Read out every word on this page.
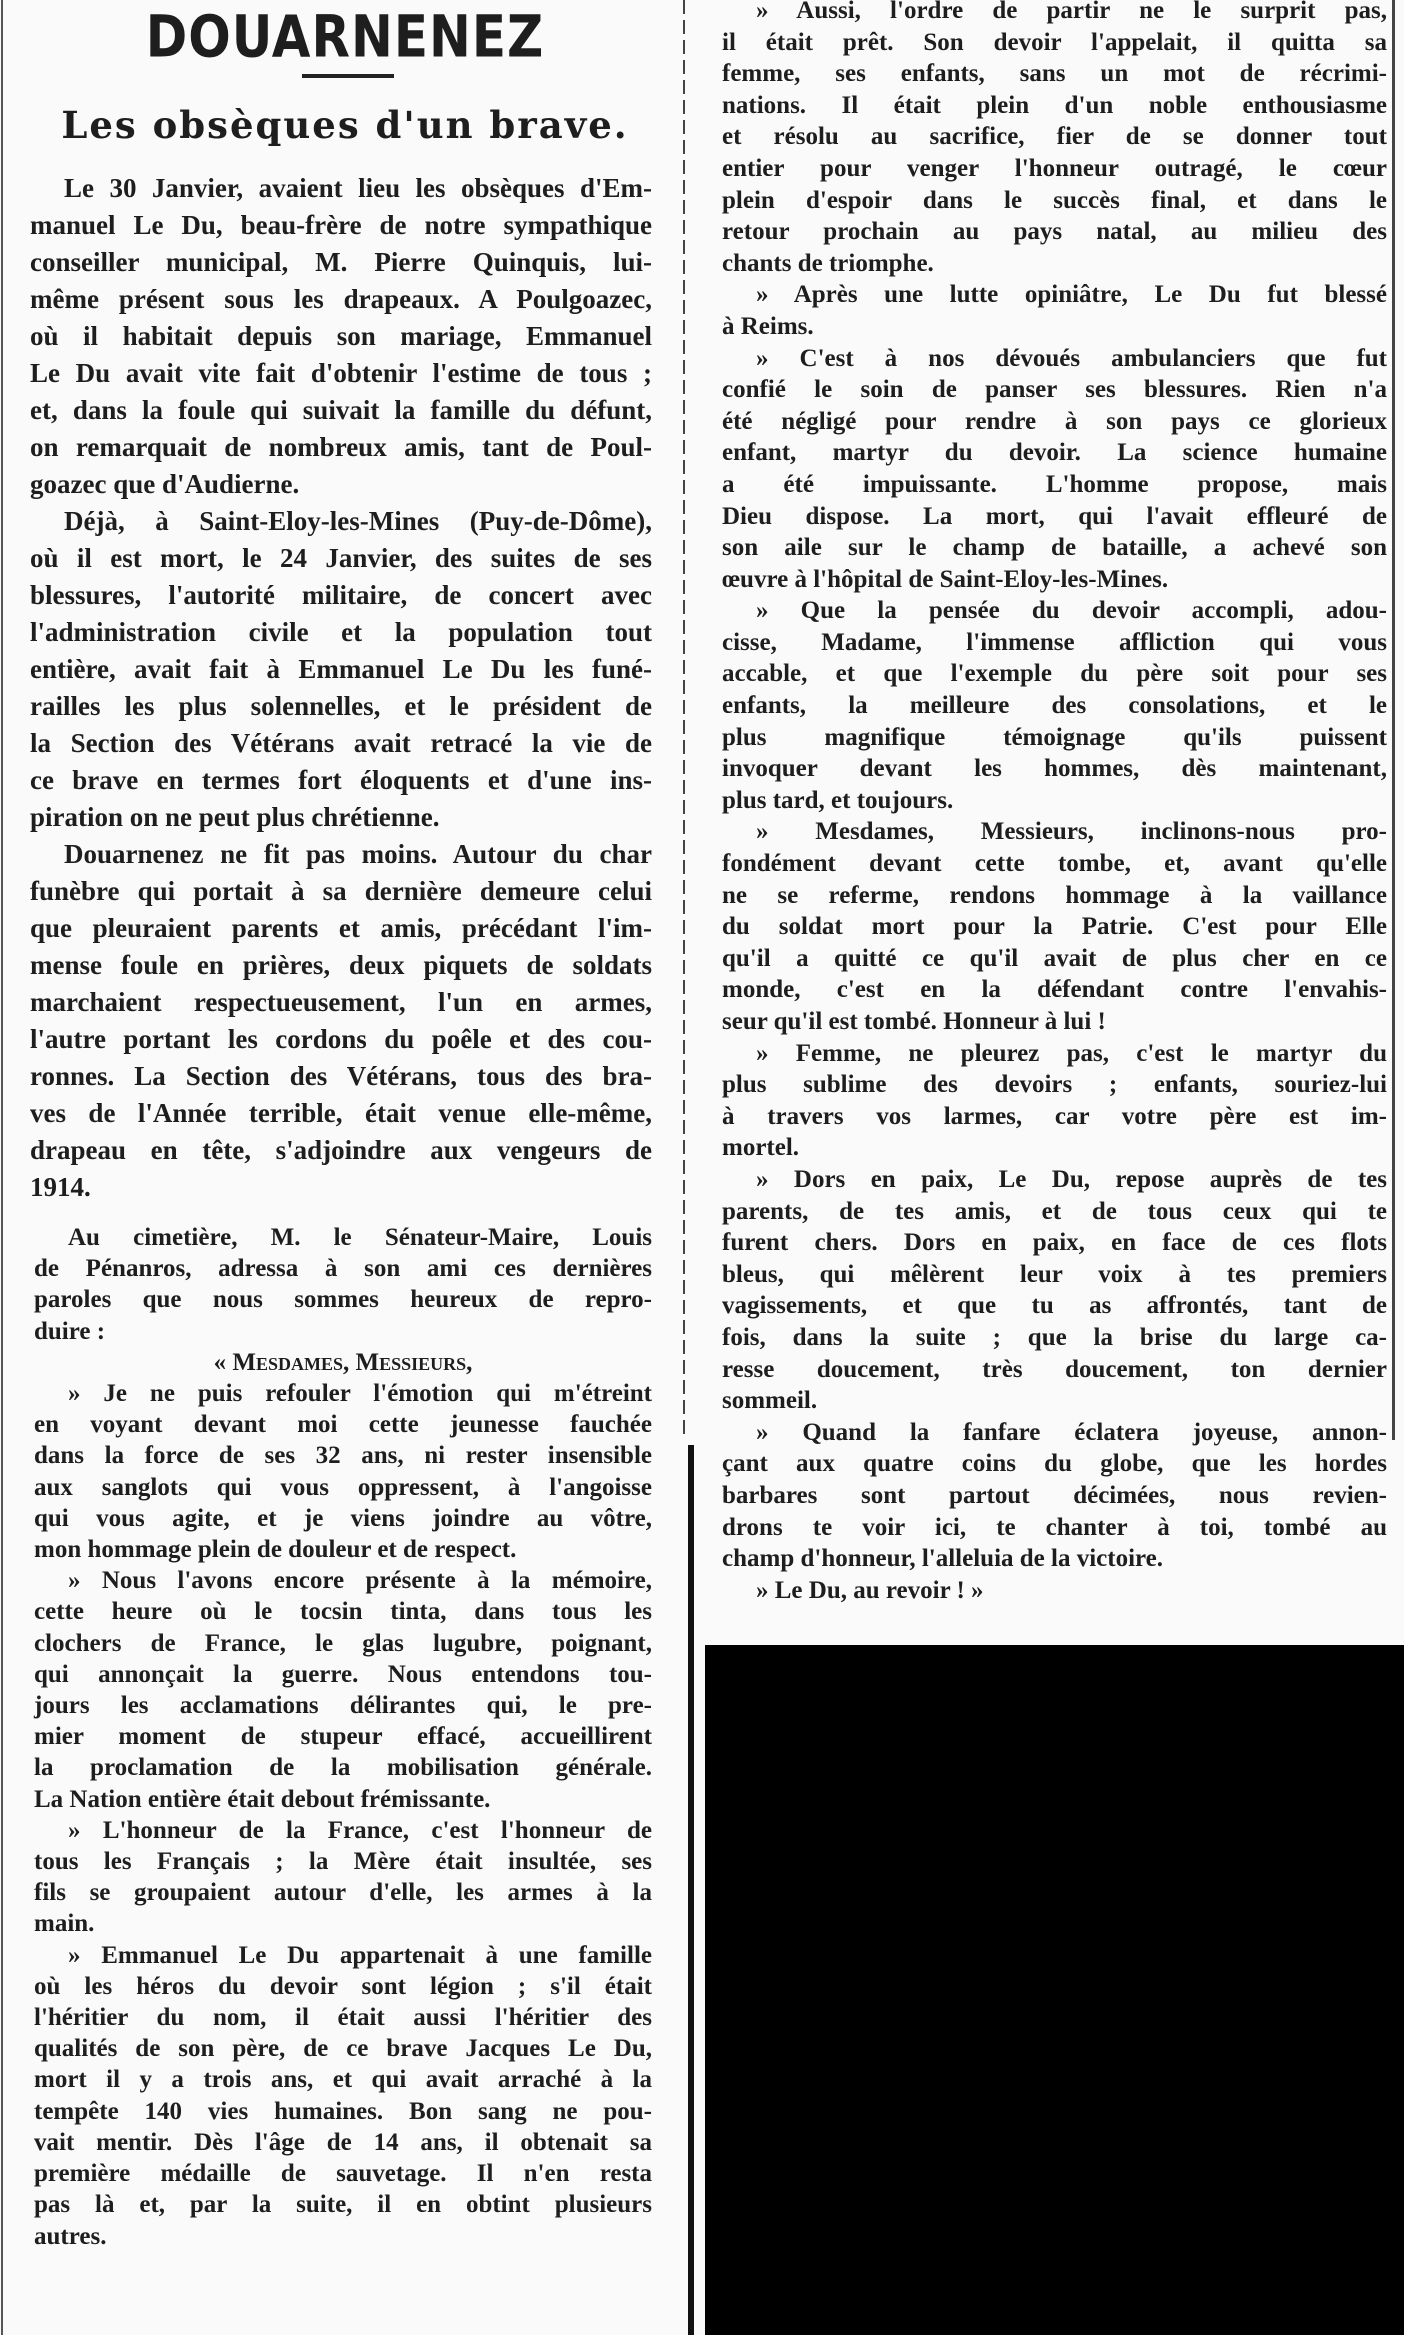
DOUARNENEZ
Les obsèques d'un brave.
Le 30 Janvier, avaient lieu les obsèques d'Em-
manuel Le Du, beau-frère de notre sympathique
conseiller municipal, M. Pierre Quinquis, lui-
même présent sous les drapeaux. A Poulgoazec,
où il habitait depuis son mariage, Emmanuel
Le Du avait vite fait d'obtenir l'estime de tous ;
et, dans la foule qui suivait la famille du défunt,
on remarquait de nombreux amis, tant de Poul-
goazec que d'Audierne.
Déjà, à Saint-Eloy-les-Mines (Puy-de-Dôme),
où il est mort, le 24 Janvier, des suites de ses
blessures, l'autorité militaire, de concert avec
l'administration civile et la population tout
entière, avait fait à Emmanuel Le Du les funé-
railles les plus solennelles, et le président de
la Section des Vétérans avait retracé la vie de
ce brave en termes fort éloquents et d'une ins-
piration on ne peut plus chrétienne.
Douarnenez ne fit pas moins. Autour du char
funèbre qui portait à sa dernière demeure celui
que pleuraient parents et amis, précédant l'im-
mense foule en prières, deux piquets de soldats
marchaient respectueusement, l'un en armes,
l'autre portant les cordons du poêle et des cou-
ronnes. La Section des Vétérans, tous des bra-
ves de l'Année terrible, était venue elle-même,
drapeau en tête, s'adjoindre aux vengeurs de
1914.
Au cimetière, M. le Sénateur-Maire, Louis
de Pénanros, adressa à son ami ces dernières
paroles que nous sommes heureux de repro-
duire :
« Mesdames, Messieurs,
» Je ne puis refouler l'émotion qui m'étreint
en voyant devant moi cette jeunesse fauchée
dans la force de ses 32 ans, ni rester insensible
aux sanglots qui vous oppressent, à l'angoisse
qui vous agite, et je viens joindre au vôtre,
mon hommage plein de douleur et de respect.
» Nous l'avons encore présente à la mémoire,
cette heure où le tocsin tinta, dans tous les
clochers de France, le glas lugubre, poignant,
qui annonçait la guerre. Nous entendons tou-
jours les acclamations délirantes qui, le pre-
mier moment de stupeur effacé, accueillirent
la proclamation de la mobilisation générale.
La Nation entière était debout frémissante.
» L'honneur de la France, c'est l'honneur de
tous les Français ; la Mère était insultée, ses
fils se groupaient autour d'elle, les armes à la
main.
» Emmanuel Le Du appartenait à une famille
où les héros du devoir sont légion ; s'il était
l'héritier du nom, il était aussi l'héritier des
qualités de son père, de ce brave Jacques Le Du,
mort il y a trois ans, et qui avait arraché à la
tempête 140 vies humaines. Bon sang ne pou-
vait mentir. Dès l'âge de 14 ans, il obtenait sa
première médaille de sauvetage. Il n'en resta
pas là et, par la suite, il en obtint plusieurs
autres.
» Aussi, l'ordre de partir ne le surprit pas,
il était prêt. Son devoir l'appelait, il quitta sa
femme, ses enfants, sans un mot de récrimi-
nations. Il était plein d'un noble enthousiasme
et résolu au sacrifice, fier de se donner tout
entier pour venger l'honneur outragé, le cœur
plein d'espoir dans le succès final, et dans le
retour prochain au pays natal, au milieu des
chants de triomphe.
» Après une lutte opiniâtre, Le Du fut blessé
à Reims.
» C'est à nos dévoués ambulanciers que fut
confié le soin de panser ses blessures. Rien n'a
été négligé pour rendre à son pays ce glorieux
enfant, martyr du devoir. La science humaine
a été impuissante. L'homme propose, mais
Dieu dispose. La mort, qui l'avait effleuré de
son aile sur le champ de bataille, a achevé son
œuvre à l'hôpital de Saint-Eloy-les-Mines.
» Que la pensée du devoir accompli, adou-
cisse, Madame, l'immense affliction qui vous
accable, et que l'exemple du père soit pour ses
enfants, la meilleure des consolations, et le
plus magnifique témoignage qu'ils puissent
invoquer devant les hommes, dès maintenant,
plus tard, et toujours.
» Mesdames, Messieurs, inclinons-nous pro-
fondément devant cette tombe, et, avant qu'elle
ne se referme, rendons hommage à la vaillance
du soldat mort pour la Patrie. C'est pour Elle
qu'il a quitté ce qu'il avait de plus cher en ce
monde, c'est en la défendant contre l'envahis-
seur qu'il est tombé. Honneur à lui !
» Femme, ne pleurez pas, c'est le martyr du
plus sublime des devoirs ; enfants, souriez-lui
à travers vos larmes, car votre père est im-
mortel.
» Dors en paix, Le Du, repose auprès de tes
parents, de tes amis, et de tous ceux qui te
furent chers. Dors en paix, en face de ces flots
bleus, qui mêlèrent leur voix à tes premiers
vagissements, et que tu as affrontés, tant de
fois, dans la suite ; que la brise du large ca-
resse doucement, très doucement, ton dernier
sommeil.
» Quand la fanfare éclatera joyeuse, annon-
çant aux quatre coins du globe, que les hordes
barbares sont partout décimées, nous revien-
drons te voir ici, te chanter à toi, tombé au
champ d'honneur, l'alleluia de la victoire.
» Le Du, au revoir ! »
